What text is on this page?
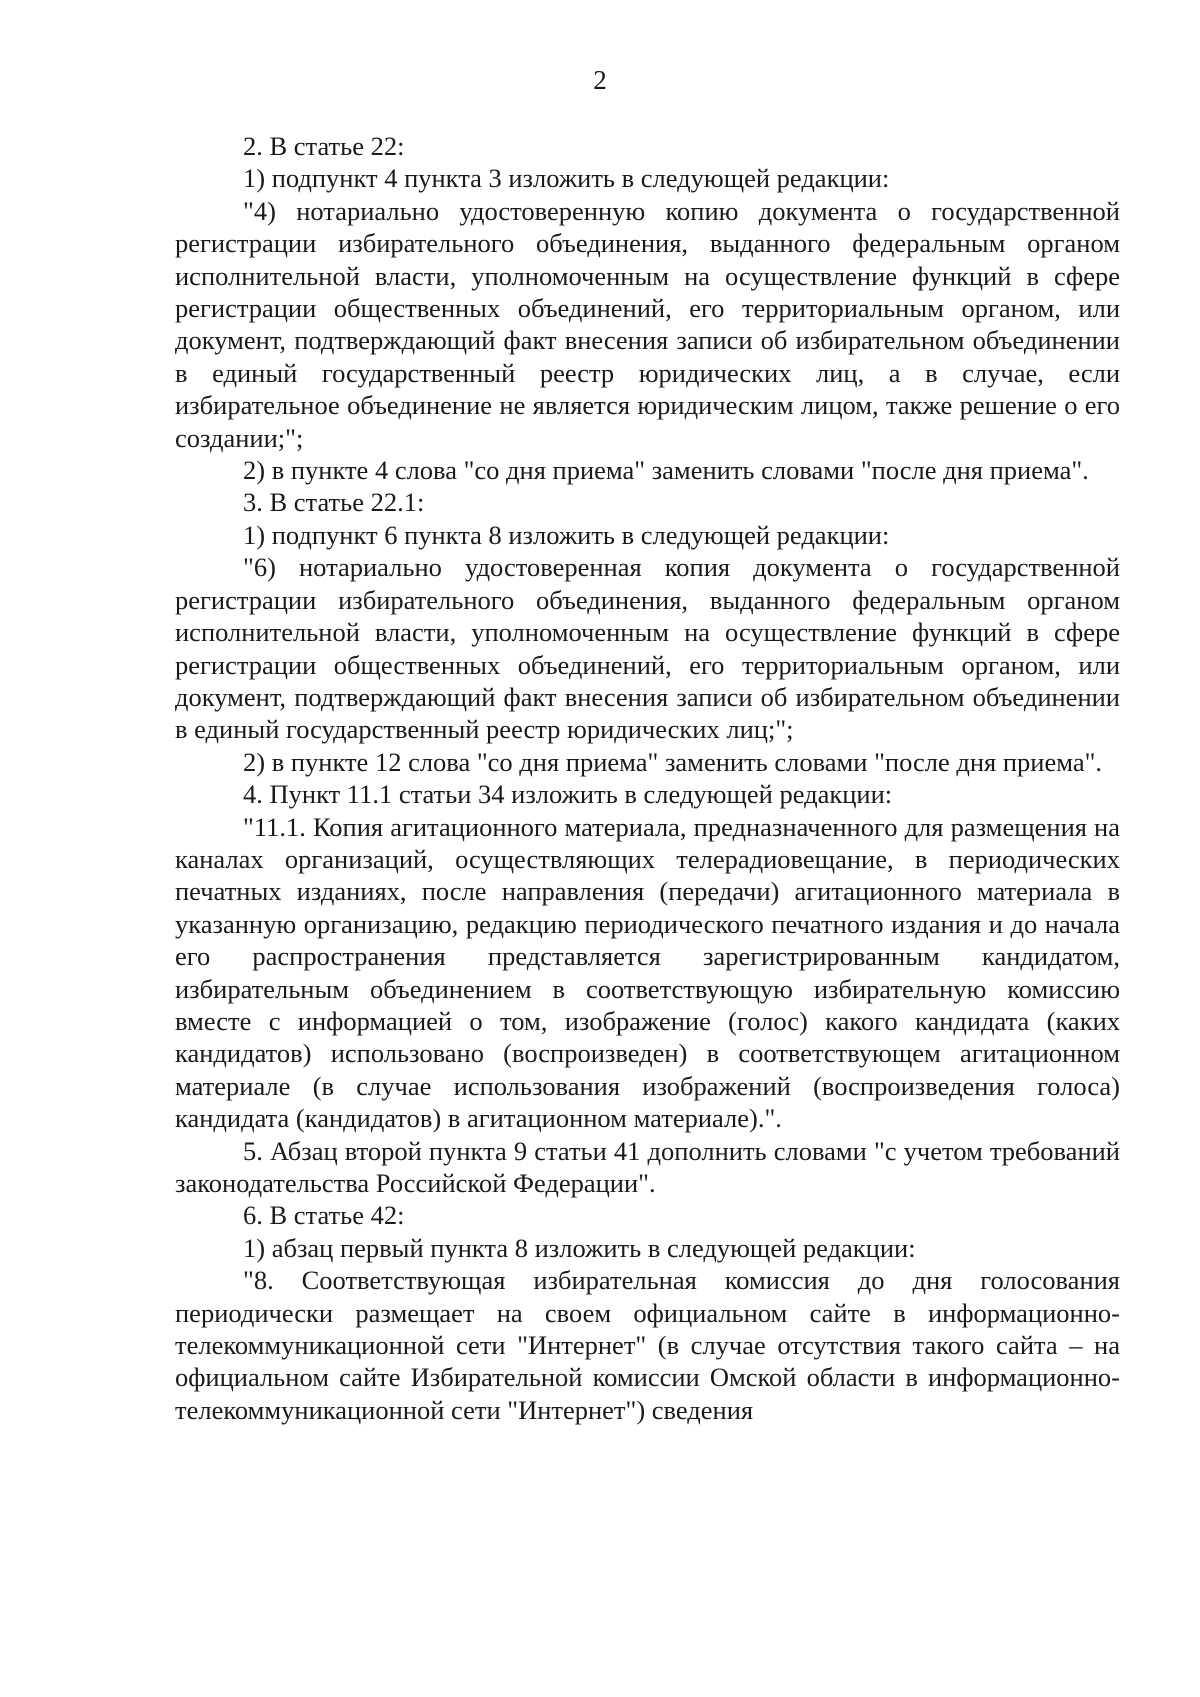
2

2. В статье 22:

1) подпункт 4 пункта 3 изложить в следующей редакции:

"4) нотариально удостоверенную копию документа о государственной регистрации избирательного объединения, выданного федеральным органом исполнительной власти, уполномоченным на осуществление функций в сфере регистрации общественных объединений, его территориальным органом, или документ, подтверждающий факт внесения записи об избирательном объединении в единый государственный реестр юридических лиц, а в случае, если избирательное объединение не является юридическим лицом, также решение о его создании;";

2) в пункте 4 слова "со дня приема" заменить словами "после дня приема".

3. В статье 22.1:

1) подпункт 6 пункта 8 изложить в следующей редакции:

"6) нотариально удостоверенная копия документа о государственной регистрации избирательного объединения, выданного федеральным органом исполнительной власти, уполномоченным на осуществление функций в сфере регистрации общественных объединений, его территориальным органом, или документ, подтверждающий факт внесения записи об избирательном объединении в единый государственный реестр юридических лиц;";

2) в пункте 12 слова "со дня приема" заменить словами "после дня приема".

4. Пункт 11.1 статьи 34 изложить в следующей редакции:

"11.1. Копия агитационного материала, предназначенного для размещения на каналах организаций, осуществляющих телерадиовещание, в периодических печатных изданиях, после направления (передачи) агитационного материала в указанную организацию, редакцию периодического печатного издания и до начала его распространения представляется зарегистрированным кандидатом, избирательным объединением в соответствующую избирательную комиссию вместе с информацией о том, изображение (голос) какого кандидата (каких кандидатов) использовано (воспроизведен) в соответствующем агитационном материале (в случае использования изображений (воспроизведения голоса) кандидата (кандидатов) в агитационном материале).".

5. Абзац второй пункта 9 статьи 41 дополнить словами "с учетом требований законодательства Российской Федерации".

6. В статье 42:

1) абзац первый пункта 8 изложить в следующей редакции:

"8. Соответствующая избирательная комиссия до дня голосования периодически размещает на своем официальном сайте в информационно-телекоммуникационной сети "Интернет" (в случае отсутствия такого сайта – на официальном сайте Избирательной комиссии Омской области в информационно-телекоммуникационной сети "Интернет") сведения
